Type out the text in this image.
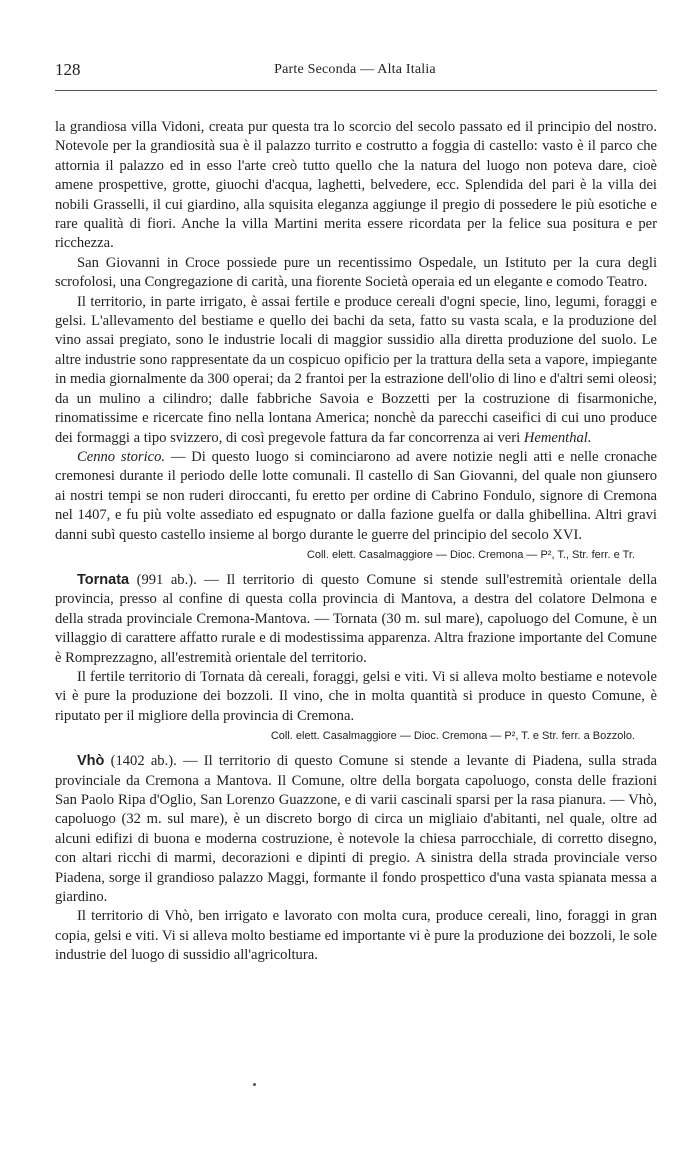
128	Parte Seconda — Alta Italia

la grandiosa villa Vidoni, creata pur questa tra lo scorcio del secolo passato ed il principio del nostro. Notevole per la grandiosità sua è il palazzo turrito e costrutto a foggia di castello: vasto è il parco che attornia il palazzo ed in esso l'arte creò tutto quello che la natura del luogo non poteva dare, cioè amene prospettive, grotte, giuochi d'acqua, laghetti, belvedere, ecc. Splendida del pari è la villa dei nobili Grasselli, il cui giardino, alla squisita eleganza aggiunge il pregio di possedere le più esotiche e rare qualità di fiori. Anche la villa Martini merita essere ricordata per la felice sua positura e per ricchezza.

San Giovanni in Croce possiede pure un recentissimo Ospedale, un Istituto per la cura degli scrofolosi, una Congregazione di carità, una fiorente Società operaia ed un elegante e comodo Teatro.

Il territorio, in parte irrigato, è assai fertile e produce cereali d'ogni specie, lino, legumi, foraggi e gelsi. L'allevamento del bestiame e quello dei bachi da seta, fatto su vasta scala, e la produzione del vino assai pregiato, sono le industrie locali di maggior sussidio alla diretta produzione del suolo. Le altre industrie sono rappresentate da un cospicuo opificio per la trattura della seta a vapore, impiegante in media giornalmente da 300 operai; da 2 frantoi per la estrazione dell'olio di lino e d'altri semi oleosi; da un mulino a cilindro; dalle fabbriche Savoia e Bozzetti per la costruzione di fisarmoniche, rinomatissime e ricercate fino nella lontana America; nonchè da parecchi caseifici di cui uno produce dei formaggi a tipo svizzero, di così pregevole fattura da far concorrenza ai veri Hementhal.

Cenno storico. — Di questo luogo si cominciarono ad avere notizie negli atti e nelle cronache cremonesi durante il periodo delle lotte comunali. Il castello di San Giovanni, del quale non giunsero ai nostri tempi se non ruderi diroccanti, fu eretto per ordine di Cabrino Fondulo, signore di Cremona nel 1407, e fu più volte assediato ed espugnato or dalla fazione guelfa or dalla ghibellina. Altri gravi danni subì questo castello insieme al borgo durante le guerre del principio del secolo XVI.

Coll. elett. Casalmaggiore — Dioc. Cremona — P², T., Str. ferr. e Tr.

Tornata (991 ab.). — Il territorio di questo Comune si stende sull'estremità orientale della provincia, presso al confine di questa colla provincia di Mantova, a destra del colatore Delmona e della strada provinciale Cremona-Mantova. — Tornata (30 m. sul mare), capoluogo del Comune, è un villaggio di carattere affatto rurale e di modestissima apparenza. Altra frazione importante del Comune è Romprezzagno, all'estremità orientale del territorio.

Il fertile territorio di Tornata dà cereali, foraggi, gelsi e viti. Vi si alleva molto bestiame e notevole vi è pure la produzione dei bozzoli. Il vino, che in molta quantità si produce in questo Comune, è riputato per il migliore della provincia di Cremona.

Coll. elett. Casalmaggiore — Dioc. Cremona — P², T. e Str. ferr. a Bozzolo.

Vhò (1402 ab.). — Il territorio di questo Comune si stende a levante di Piadena, sulla strada provinciale da Cremona a Mantova. Il Comune, oltre della borgata capoluogo, consta delle frazioni San Paolo Ripa d'Oglio, San Lorenzo Guazzone, e di varii cascinali sparsi per la rasa pianura. — Vhò, capoluogo (32 m. sul mare), è un discreto borgo di circa un migliaio d'abitanti, nel quale, oltre ad alcuni edifizi di buona e moderna costruzione, è notevole la chiesa parrocchiale, di corretto disegno, con altari ricchi di marmi, decorazioni e dipinti di pregio. A sinistra della strada provinciale verso Piadena, sorge il grandioso palazzo Maggi, formante il fondo prospettico d'una vasta spianata messa a giardino.

Il territorio di Vhò, ben irrigato e lavorato con molta cura, produce cereali, lino, foraggi in gran copia, gelsi e viti. Vi si alleva molto bestiame ed importante vi è pure la produzione dei bozzoli, le sole industrie del luogo di sussidio all'agricoltura.
